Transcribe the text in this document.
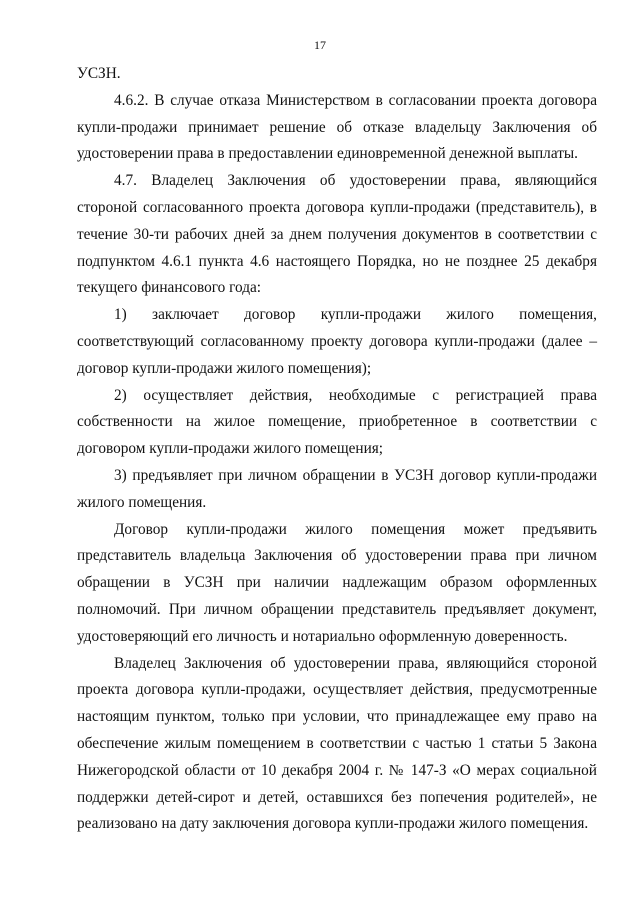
17

УСЗН.

4.6.2. В случае отказа Министерством в согласовании проекта договора купли-продажи принимает решение об отказе владельцу Заключения об удостоверении права в предоставлении единовременной денежной выплаты.

4.7. Владелец Заключения об удостоверении права, являющийся стороной согласованного проекта договора купли-продажи (представитель), в течение 30-ти рабочих дней за днем получения документов в соответствии с подпунктом 4.6.1 пункта 4.6 настоящего Порядка, но не позднее 25 декабря текущего финансового года:

1) заключает договор купли-продажи жилого помещения, соответствующий согласованному проекту договора купли-продажи (далее – договор купли-продажи жилого помещения);

2) осуществляет действия, необходимые с регистрацией права собственности на жилое помещение, приобретенное в соответствии с договором купли-продажи жилого помещения;

3) предъявляет при личном обращении в УСЗН договор купли-продажи жилого помещения.

Договор купли-продажи жилого помещения может предъявить представитель владельца Заключения об удостоверении права при личном обращении в УСЗН при наличии надлежащим образом оформленных полномочий. При личном обращении представитель предъявляет документ, удостоверяющий его личность и нотариально оформленную доверенность.

Владелец Заключения об удостоверении права, являющийся стороной проекта договора купли-продажи, осуществляет действия, предусмотренные настоящим пунктом, только при условии, что принадлежащее ему право на обеспечение жилым помещением в соответствии с частью 1 статьи 5 Закона Нижегородской области от 10 декабря 2004 г. № 147-З «О мерах социальной поддержки детей-сирот и детей, оставшихся без попечения родителей», не реализовано на дату заключения договора купли-продажи жилого помещения.
